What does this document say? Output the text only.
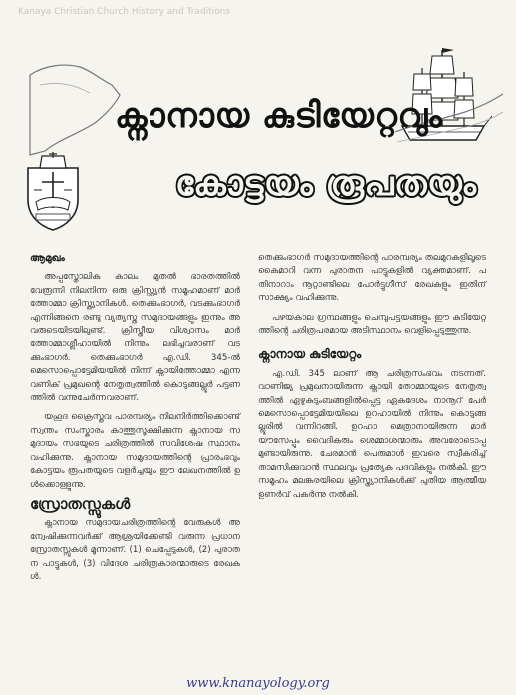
Kanaya Christian Church History and Traditions
ക്നാനായ കുടിയേറ്റവും
കോട്ടയം രൂപതയും
ആമുഖം

അപ്പസ്തോലിക കാലം മുതൽ ഭാരതത്തിൽ വേരൂന്നി നിലനിന്ന ഒരു ക്രിസ്റ്റ്യൻ സമൂഹമാണ് മാർത്തോമ്മാ ക്രിസ്ത്യാനികൾ. തെക്കുംഭാഗർ, വടക്കുംഭാഗർ എന്നിങ്ങനെ രണ്ടു വ്യത്യസ്ത സമുദായങ്ങളും ഇന്നും അവരുടെയിടയിലുണ്ട്. ക്രിസ്തീയ വിശ്വാസം മാർത്തോമ്മാശ്ലീഹായിൽ നിന്നും ലഭിച്ചവരാണ് വടക്കുംഭാഗർ. തെക്കുംഭാഗർ എ.ഡി. 345-ൽ മെസൊപ്പൊട്ടേമിയയിൽ നിന്ന് ക്നായിത്തോമ്മാ എന്ന വണിക് പ്രമുഖന്റെ നേതൃത്വത്തിൽ കൊടുങ്ങല്ലൂർ പട്ടണത്തിൽ വന്നുചേർന്നവരാണ്.

യഹൂദ ക്രൈസ്തവ പാരമ്പര്യം നിലനിർത്തിക്കൊണ്ട് സ്വന്തം സംസ്കാരം കാത്തുസൂക്ഷിക്കുന്ന ക്നാനായ സമുദായം സഭയുടെ ചരിത്രത്തിൽ സവിശേഷ സ്ഥാനം വഹിക്കുന്നു. ക്നാനായ സമുദായത്തിന്റെ പ്രാരംഭവും കോട്ടയം രൂപതയുടെ വളർച്ചയും ഈ ലേഖനത്തിൽ ഉൾക്കൊള്ളുന്നു.

സ്രോതസ്സുകൾ

ക്നാനായ സമുദായചരിത്രത്തിന്റെ വേരുകൾ അന്വേഷിക്കുന്നവർക്ക് ആശ്രയിക്കേണ്ടി വരുന്ന പ്രധാന സ്രോതസ്സുകൾ മൂന്നാണ്. (1) ചെപ്പേടുകൾ, (2) പുരാതന പാട്ടുകൾ, (3) വിദേശ ചരിത്രകാരന്മാരുടെ രേഖകൾ.

തെക്കുംഭാഗർ സമുദായത്തിന്റെ പാരമ്പര്യം തലമുറകളിലൂടെ കൈമാറി വന്ന പുരാതന പാട്ടുകളിൽ വ്യക്തമാണ്. പതിനാറാം നൂറ്റാണ്ടിലെ പോർട്ടുഗീസ് രേഖകളും ഇതിന് സാക്ഷ്യം വഹിക്കുന്നു.

പഴയകാല ഗ്രന്ഥങ്ങളും ചെമ്പുപട്ടയങ്ങളും ഈ കുടിയേറ്റത്തിന്റെ ചരിത്രപരമായ അടിസ്ഥാനം വെളിപ്പെടുത്തുന്നു.

ക്നാനായ കുടിയേറ്റം

എ.ഡി. 345 ലാണ് ആ ചരിത്രസംഭവം നടന്നത്. വാണിജ്യ പ്രമുഖനായിരുന്ന ക്നായി തോമ്മായുടെ നേതൃത്വത്തിൽ ഏഴുകുടുംബങ്ങളിൽപ്പെട്ട ഏകദേശം നാനൂറ് പേർ മെസൊപ്പൊട്ടേമിയയിലെ ഉറഹായിൽ നിന്നും കൊടുങ്ങല്ലൂരിൽ വന്നിറങ്ങി. ഉറഹാ മെത്രാനായിരുന്ന മാർ യൗസേപ്പും വൈദികരും ശെമ്മാശന്മാരും അവരോടൊപ്പമുണ്ടായിരുന്നു. ചേരമാൻ പെരുമാൾ ഇവരെ സ്വീകരിച്ച് താമസിക്കുവാൻ സ്ഥലവും പ്രത്യേക പദവികളും നൽകി. ഈ സമൂഹം മലങ്കരയിലെ ക്രിസ്ത്യാനികൾക്ക് പുതിയ ആത്മീയ ഉണർവ് പകർന്നു നൽകി.

www.knanayology.org
